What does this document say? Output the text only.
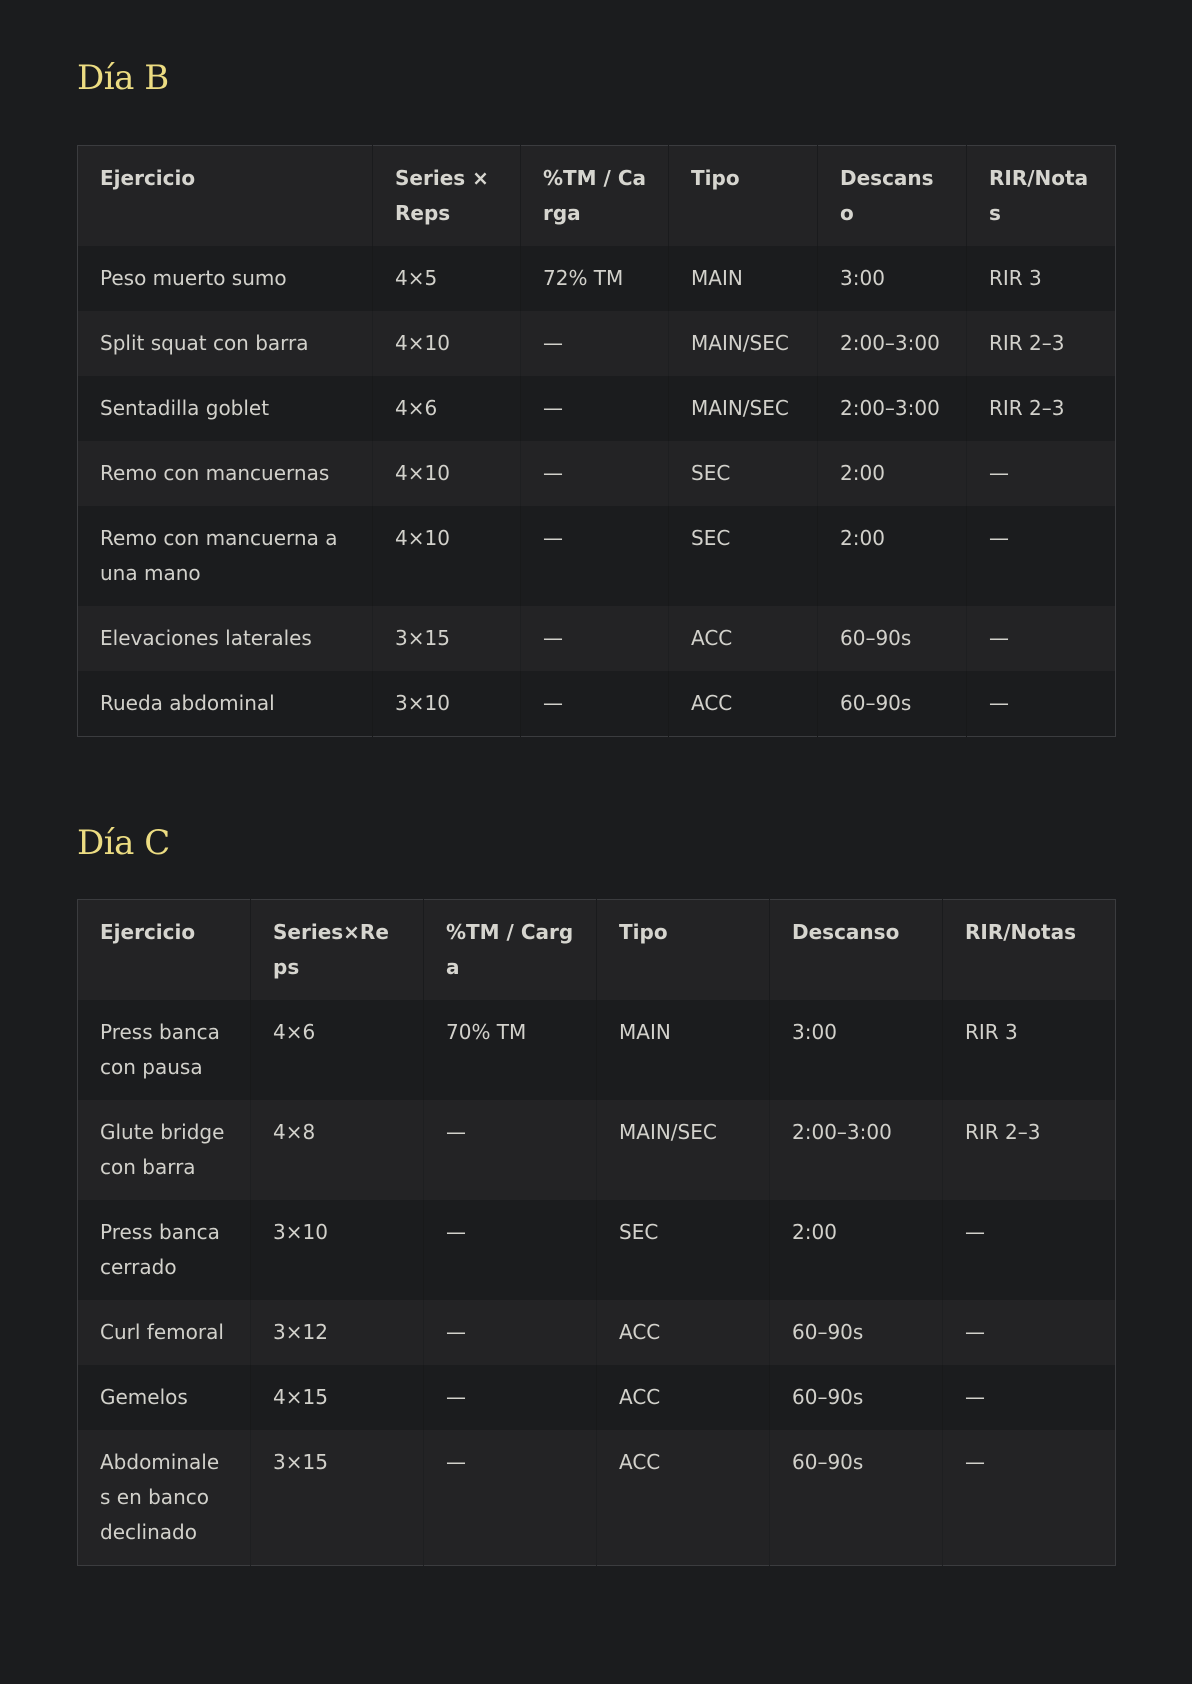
Día B
Ejercicio	Series ×Reps	%TM / Carga	Tipo	Descanso	RIR/Notas
Peso muerto sumo	4×5	72% TM	MAIN	3:00	RIR 3
Split squat con barra	4×10	—	MAIN/SEC	2:00–3:00	RIR 2–3
Sentadilla goblet	4×6	—	MAIN/SEC	2:00–3:00	RIR 2–3
Remo con mancuernas	4×10	—	SEC	2:00	—
Remo con mancuerna a una mano	4×10	—	SEC	2:00	—
Elevaciones laterales	3×15	—	ACC	60–90s	—
Rueda abdominal	3×10	—	ACC	60–90s	—
Día C
Ejercicio	Series×Reps	%TM / Carga	Tipo	Descanso	RIR/Notas
Press banca con pausa	4×6	70% TM	MAIN	3:00	RIR 3
Glute bridge con barra	4×8	—	MAIN/SEC	2:00–3:00	RIR 2–3
Press banca cerrado	3×10	—	SEC	2:00	—
Curl femoral	3×12	—	ACC	60–90s	—
Gemelos	4×15	—	ACC	60–90s	—
Abdominales en banco declinado	3×15	—	ACC	60–90s	—
